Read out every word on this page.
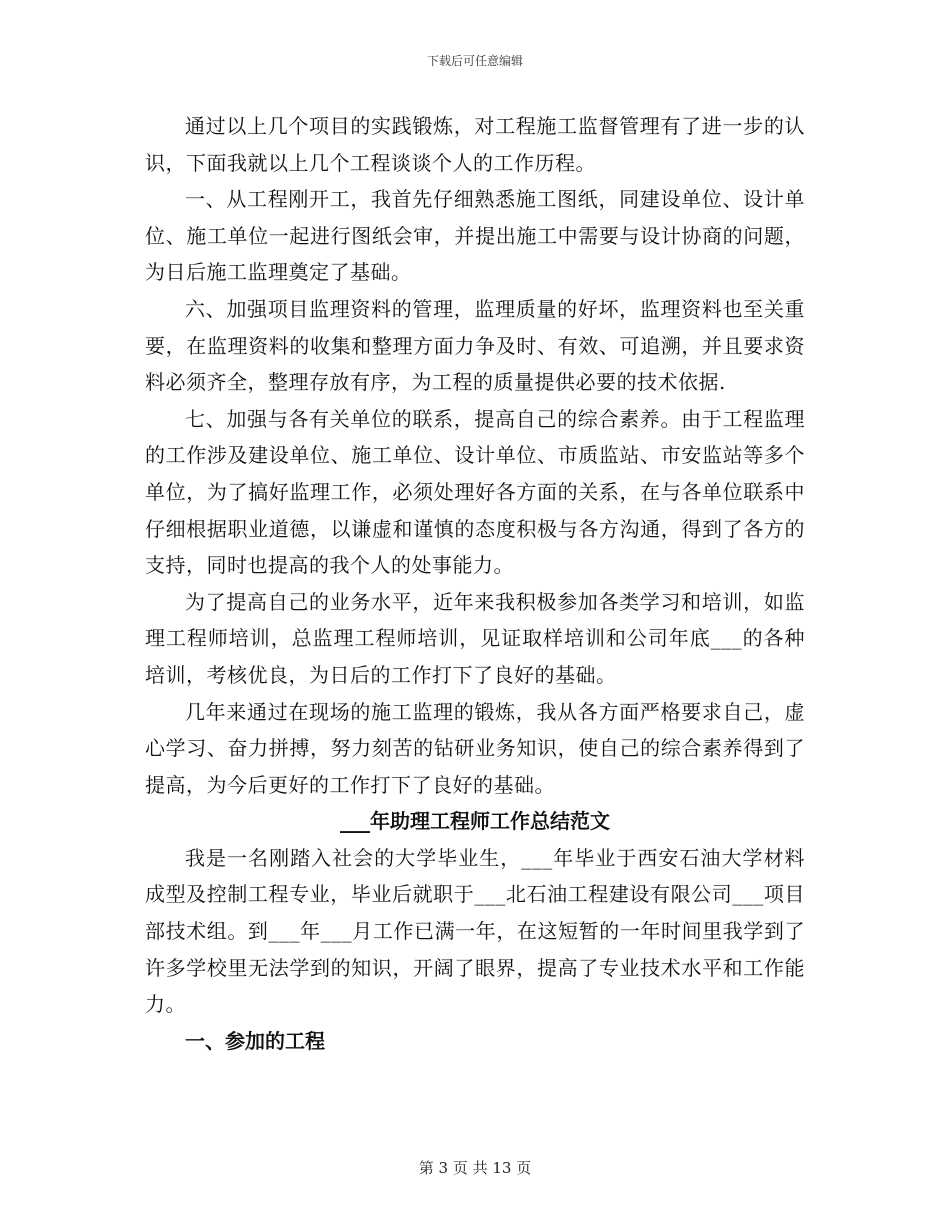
下载后可任意编辑

通过以上几个项目的实践锻炼，对工程施工监督管理有了进一步的认识，下面我就以上几个工程谈谈个人的工作历程。

一、从工程刚开工，我首先仔细熟悉施工图纸，同建设单位、设计单位、施工单位一起进行图纸会审，并提出施工中需要与设计协商的问题，为日后施工监理奠定了基础。

六、加强项目监理资料的管理，监理质量的好坏，监理资料也至关重要，在监理资料的收集和整理方面力争及时、有效、可追溯，并且要求资料必须齐全，整理存放有序，为工程的质量提供必要的技术依据.

七、加强与各有关单位的联系，提高自己的综合素养。由于工程监理的工作涉及建设单位、施工单位、设计单位、市质监站、市安监站等多个单位，为了搞好监理工作，必须处理好各方面的关系，在与各单位联系中仔细根据职业道德，以谦虚和谨慎的态度积极与各方沟通，得到了各方的支持，同时也提高的我个人的处事能力。

为了提高自己的业务水平，近年来我积极参加各类学习和培训，如监理工程师培训，总监理工程师培训，见证取样培训和公司年底___的各种培训，考核优良，为日后的工作打下了良好的基础。

几年来通过在现场的施工监理的锻炼，我从各方面严格要求自己，虚心学习、奋力拼搏，努力刻苦的钻研业务知识，使自己的综合素养得到了提高，为今后更好的工作打下了良好的基础。

___年助理工程师工作总结范文

我是一名刚踏入社会的大学毕业生，___年毕业于西安石油大学材料成型及控制工程专业，毕业后就职于___北石油工程建设有限公司___项目部技术组。到___年___月工作已满一年，在这短暂的一年时间里我学到了许多学校里无法学到的知识，开阔了眼界，提高了专业技术水平和工作能力。

一、参加的工程

第 3 页 共 13 页
